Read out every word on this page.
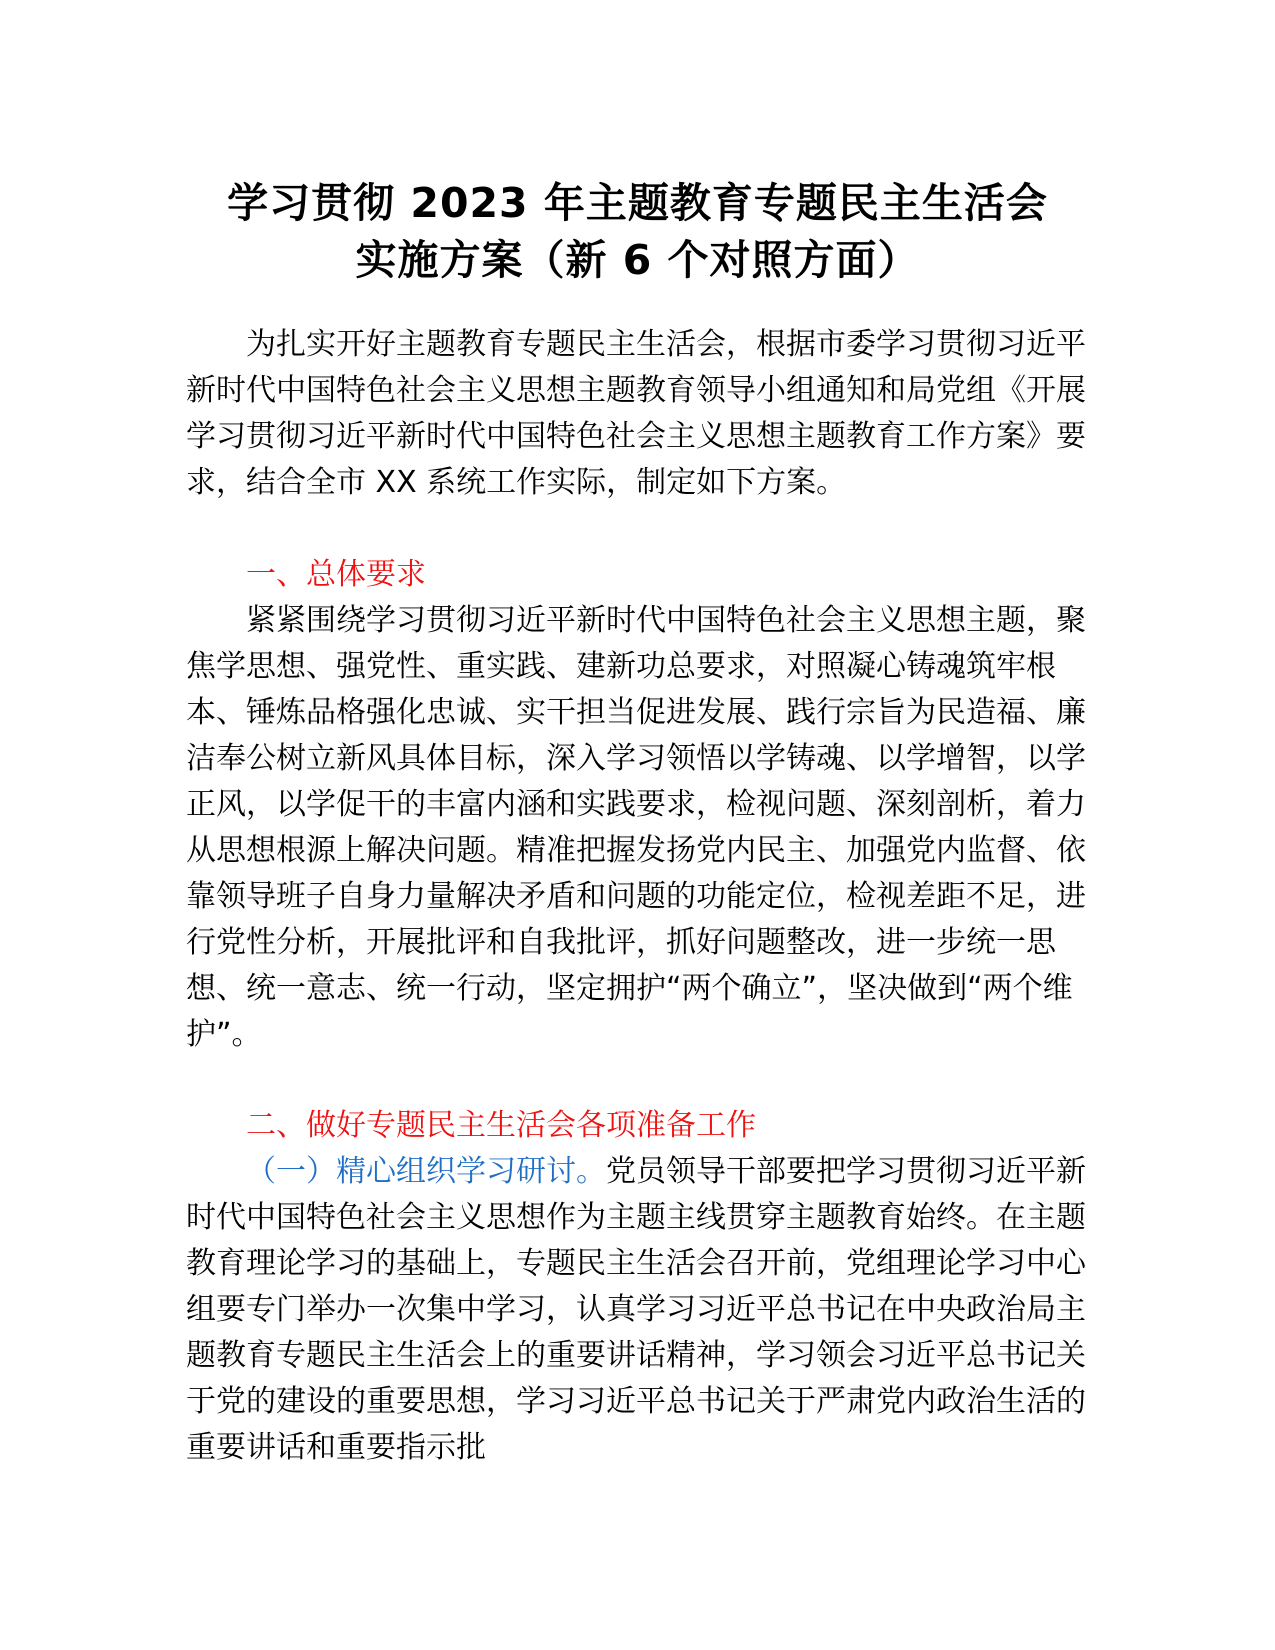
学习贯彻 2023 年主题教育专题民主生活会
实施方案（新 6 个对照方面）

为扎实开好主题教育专题民主生活会，根据市委学习贯彻习近平新时代中国特色社会主义思想主题教育领导小组通知和局党组《开展学习贯彻习近平新时代中国特色社会主义思想主题教育工作方案》要求，结合全市 XX 系统工作实际，制定如下方案。

一、总体要求

紧紧围绕学习贯彻习近平新时代中国特色社会主义思想主题，聚焦学思想、强党性、重实践、建新功总要求，对照凝心铸魂筑牢根本、锤炼品格强化忠诚、实干担当促进发展、践行宗旨为民造福、廉洁奉公树立新风具体目标，深入学习领悟以学铸魂、以学增智，以学正风，以学促干的丰富内涵和实践要求，检视问题、深刻剖析，着力从思想根源上解决问题。精准把握发扬党内民主、加强党内监督、依靠领导班子自身力量解决矛盾和问题的功能定位，检视差距不足，进行党性分析，开展批评和自我批评，抓好问题整改，进一步统一思想、统一意志、统一行动，坚定拥护“两个确立”，坚决做到“两个维护”。

二、做好专题民主生活会各项准备工作

（一）精心组织学习研讨。党员领导干部要把学习贯彻习近平新时代中国特色社会主义思想作为主题主线贯穿主题教育始终。在主题教育理论学习的基础上，专题民主生活会召开前，党组理论学习中心组要专门举办一次集中学习，认真学习习近平总书记在中央政治局主题教育专题民主生活会上的重要讲话精神，学习领会习近平总书记关于党的建设的重要思想，学习习近平总书记关于严肃党内政治生活的重要讲话和重要指示批
